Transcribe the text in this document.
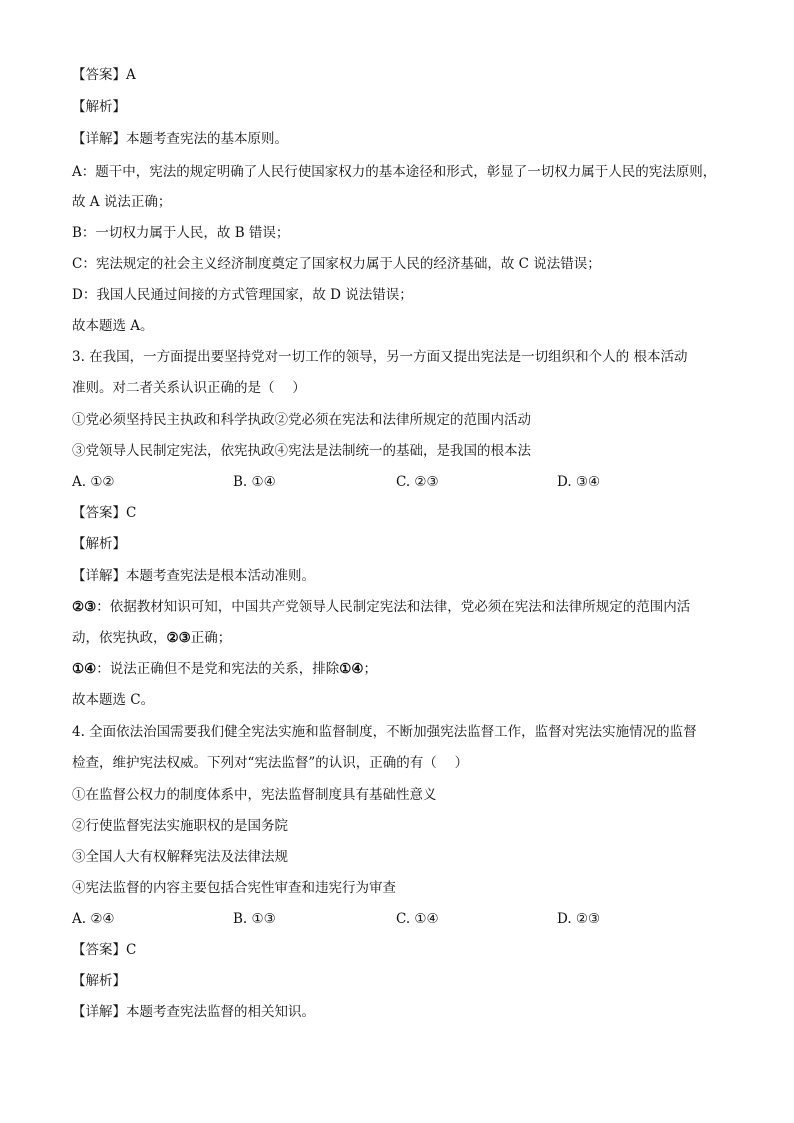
【答案】A
【解析】
【详解】本题考查宪法的基本原则。
A：题干中，宪法的规定明确了人民行使国家权力的基本途径和形式，彰显了一切权力属于人民的宪法原则，
故 A 说法正确；
B：一切权力属于人民，故 B 错误；
C：宪法规定的社会主义经济制度奠定了国家权力属于人民的经济基础，故 C 说法错误；
D：我国人民通过间接的方式管理国家，故 D 说法错误；
故本题选 A。
3. 在我国，一方面提出要坚持党对一切工作的领导，另一方面又提出宪法是一切组织和个人的 根本活动
准则。对二者关系认识正确的是（　 ）
①党必须坚持民主执政和科学执政②党必须在宪法和法律所规定的范围内活动
③党领导人民制定宪法，依宪执政④宪法是法制统一的基础，是我国的根本法
A. ①②	B. ①④	C. ②③	D. ③④
【答案】C
【解析】
【详解】本题考查宪法是根本活动准则。
②③：依据教材知识可知，中国共产党领导人民制定宪法和法律，党必须在宪法和法律所规定的范围内活
动，依宪执政，②③正确；
①④：说法正确但不是党和宪法的关系，排除①④；
故本题选 C。
4. 全面依法治国需要我们健全宪法实施和监督制度，不断加强宪法监督工作，监督对宪法实施情况的监督
检查，维护宪法权威。下列对“宪法监督”的认识，正确的有（　 ）
①在监督公权力的制度体系中，宪法监督制度具有基础性意义
②行使监督宪法实施职权的是国务院
③全国人大有权解释宪法及法律法规
④宪法监督的内容主要包括合宪性审查和违宪行为审查
A. ②④	B. ①③	C. ①④	D. ②③
【答案】C
【解析】
【详解】本题考查宪法监督的相关知识。
